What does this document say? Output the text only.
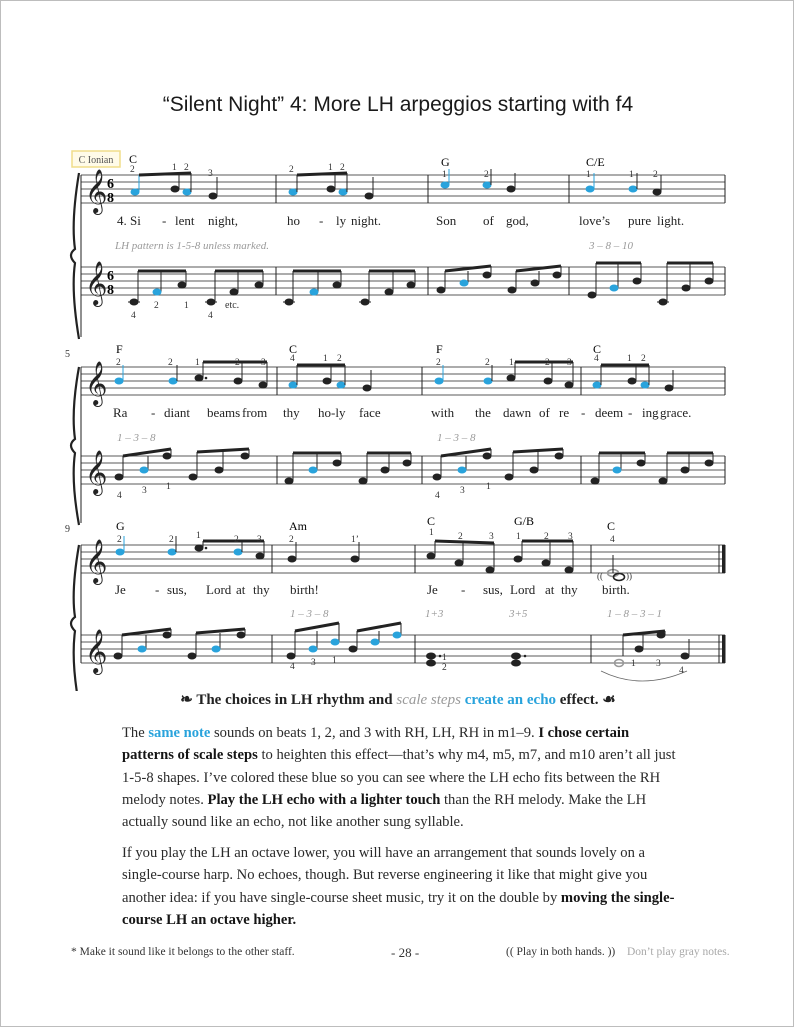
“Silent Night” 4: More LH arpeggios starting with f4
C Ionian
𝄞 6
8
𝄞 6
8
C	G	C/E
2	1 2
3	2	1 2
1	2	1	1 2
4. Si - lent night,	ho - ly night.	Son of god,	love’s pure light.
LH pattern is 1-5-8 unless marked.	3 – 8 – 10
4
2	1
4
etc.
5
𝄞
𝄞
F	C	F	C
2	2 1	2 3	4	1 2	2	2 1	2 3 4	1 2
Ra - diant beams from thy ho-ly face	with the dawn of re - deem - ing grace.
1 – 3 – 8	1 – 3 – 8
4 3 1
4 3 1
9
𝄞
𝄞
G	Am	C	G/B	C
((	))
2	2 1	2 3	2	1’
1	2	3 1 2 3	4
Je - sus, Lord at thy birth!	Je - sus, Lord at thy birth.
1 – 3 – 8	1+3	3+5	1 – 8 – 3 – 1
4 3 1	1
2	1 3
4
❧ The choices in LH rhythm and scale steps create an echo effect. ☙
The same note sounds on beats 1, 2, and 3 with RH, LH, RH in m1–9. I chose certain patterns of scale steps to heighten this effect—that’s why m4, m5, m7, and m10 aren’t all just 1-5-8 shapes. I’ve colored these blue so you can see where the LH echo fits between the RH melody notes. Play the LH echo with a lighter touch than the RH melody. Make the LH actually sound like an echo, not like another sung syllable.
If you play the LH an octave lower, you will have an arrangement that sounds lovely on a single-course harp. No echoes, though. But reverse engineering it like that might give you another idea: if you have single-course sheet music, try it on the double by moving the single-course LH an octave higher.
* Make it sound like it belongs to the other staff.	- 28 -	(( Play in both hands. )) Don’t play gray notes.
